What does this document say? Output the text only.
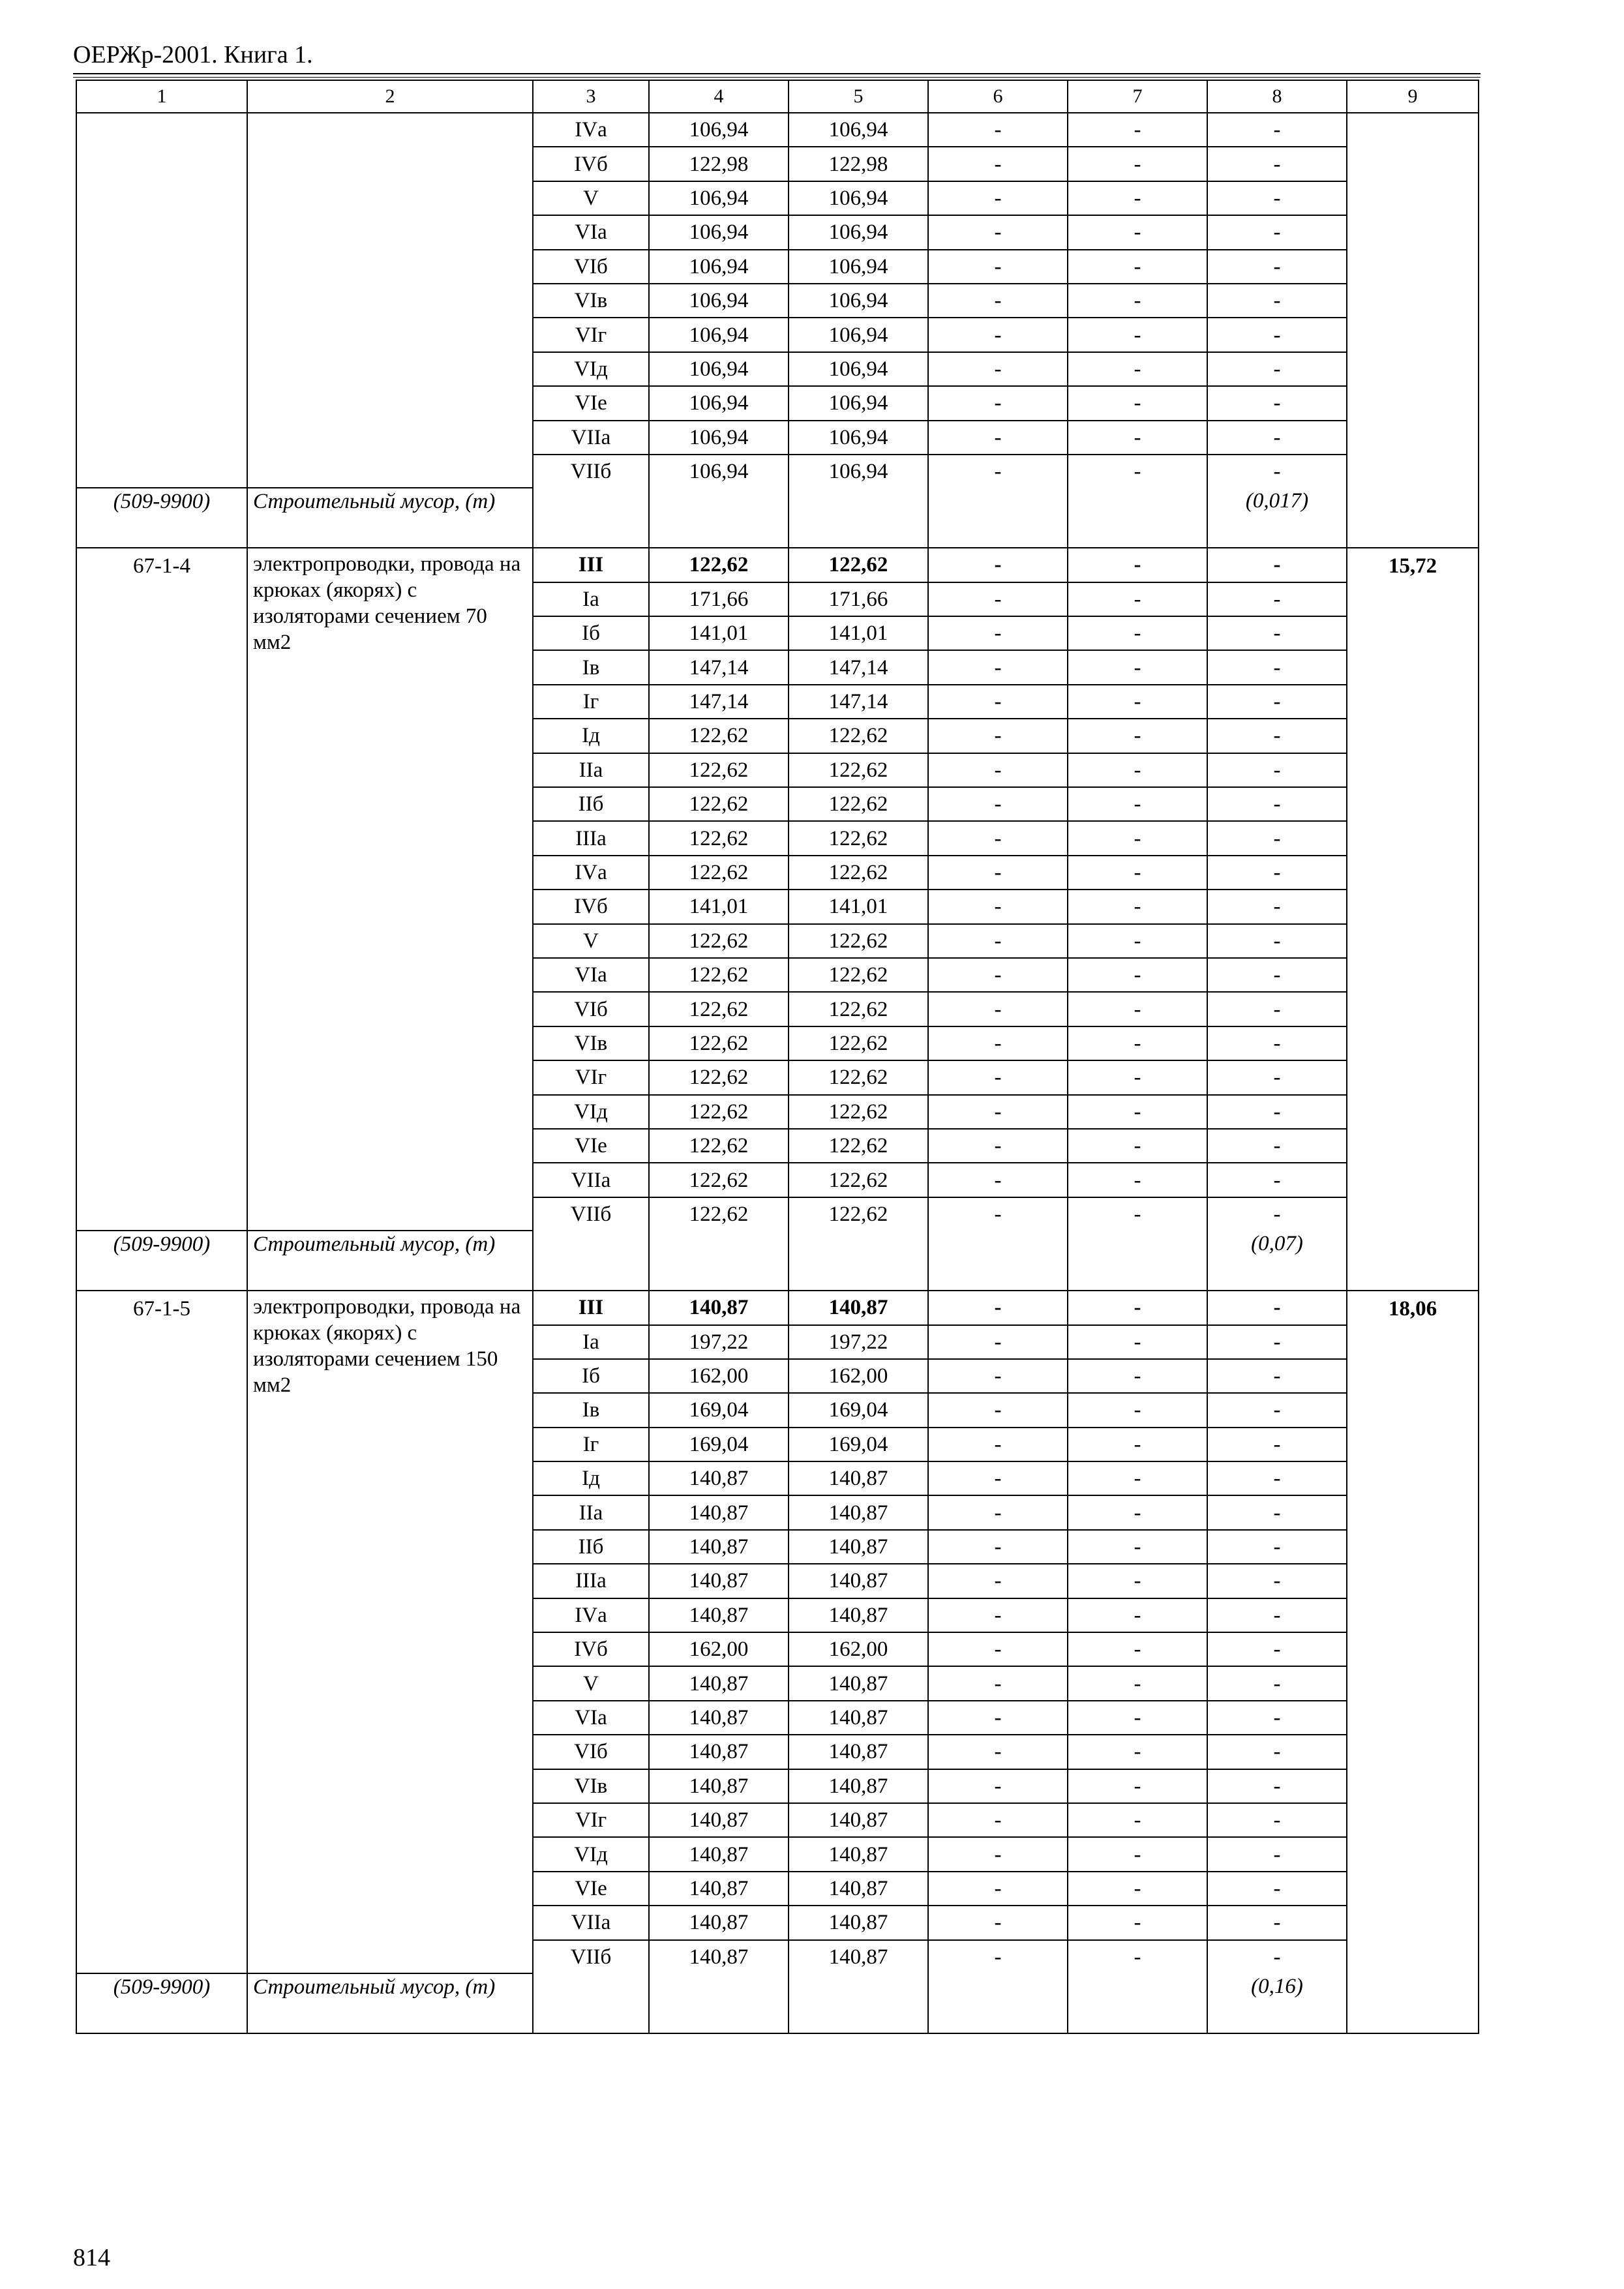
ОЕРЖр-2001. Книга 1.
1	2	3	4	5	6	7	8	9
		IVа	106,94	106,94	-	-	-	
		IVб	122,98	122,98	-	-	-	
		V	106,94	106,94	-	-	-	
		VIа	106,94	106,94	-	-	-	
		VIб	106,94	106,94	-	-	-	
		VIв	106,94	106,94	-	-	-	
		VIг	106,94	106,94	-	-	-	
		VIд	106,94	106,94	-	-	-	
		VIе	106,94	106,94	-	-	-	
		VIIа	106,94	106,94	-	-	-	
		VIIб	106,94	106,94	-	-	-	
(509-9900)	Строительный мусор, (т)						(0,017)	
67-1-4	электропроводки, провода на крюках (якорях) с изоляторами сечением 70 мм2	III	122,62	122,62	-	-	-	15,72
		Iа	171,66	171,66	-	-	-	
		Iб	141,01	141,01	-	-	-	
		Iв	147,14	147,14	-	-	-	
		Iг	147,14	147,14	-	-	-	
		Iд	122,62	122,62	-	-	-	
		IIа	122,62	122,62	-	-	-	
		IIб	122,62	122,62	-	-	-	
		IIIа	122,62	122,62	-	-	-	
		IVа	122,62	122,62	-	-	-	
		IVб	141,01	141,01	-	-	-	
		V	122,62	122,62	-	-	-	
		VIа	122,62	122,62	-	-	-	
		VIб	122,62	122,62	-	-	-	
		VIв	122,62	122,62	-	-	-	
		VIг	122,62	122,62	-	-	-	
		VIд	122,62	122,62	-	-	-	
		VIе	122,62	122,62	-	-	-	
		VIIа	122,62	122,62	-	-	-	
		VIIб	122,62	122,62	-	-	-	
(509-9900)	Строительный мусор, (т)						(0,07)	
67-1-5	электропроводки, провода на крюках (якорях) с изоляторами сечением 150 мм2	III	140,87	140,87	-	-	-	18,06
		Iа	197,22	197,22	-	-	-	
		Iб	162,00	162,00	-	-	-	
		Iв	169,04	169,04	-	-	-	
		Iг	169,04	169,04	-	-	-	
		Iд	140,87	140,87	-	-	-	
		IIа	140,87	140,87	-	-	-	
		IIб	140,87	140,87	-	-	-	
		IIIа	140,87	140,87	-	-	-	
		IVа	140,87	140,87	-	-	-	
		IVб	162,00	162,00	-	-	-	
		V	140,87	140,87	-	-	-	
		VIа	140,87	140,87	-	-	-	
		VIб	140,87	140,87	-	-	-	
		VIв	140,87	140,87	-	-	-	
		VIг	140,87	140,87	-	-	-	
		VIд	140,87	140,87	-	-	-	
		VIе	140,87	140,87	-	-	-	
		VIIа	140,87	140,87	-	-	-	
		VIIб	140,87	140,87	-	-	-	
(509-9900)	Строительный мусор, (т)						(0,16)	
814
